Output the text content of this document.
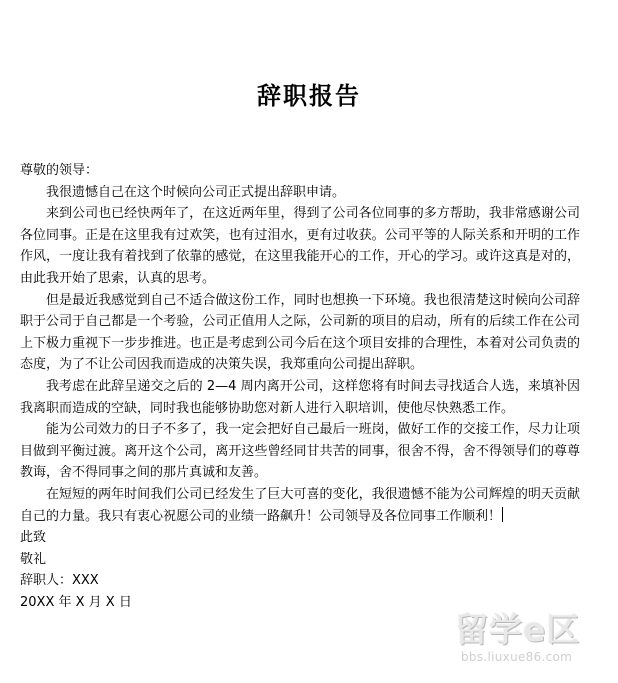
辞职报告

尊敬的领导：

我很遗憾自己在这个时候向公司正式提出辞职申请。

来到公司也已经快两年了，在这近两年里，得到了公司各位同事的多方帮助，我非常感谢公司各位同事。正是在这里我有过欢笑，也有过泪水，更有过收获。公司平等的人际关系和开明的工作作风，一度让我有着找到了依靠的感觉，在这里我能开心的工作，开心的学习。或许这真是对的，由此我开始了思索，认真的思考。

但是最近我感觉到自己不适合做这份工作，同时也想换一下环境。我也很清楚这时候向公司辞职于公司于自己都是一个考验，公司正值用人之际，公司新的项目的启动，所有的后续工作在公司上下极力重视下一步步推进。也正是考虑到公司今后在这个项目安排的合理性，本着对公司负责的态度，为了不让公司因我而造成的决策失误，我郑重向公司提出辞职。

我考虑在此辞呈递交之后的 2—4 周内离开公司，这样您将有时间去寻找适合人选，来填补因我离职而造成的空缺，同时我也能够协助您对新人进行入职培训，使他尽快熟悉工作。

能为公司效力的日子不多了，我一定会把好自己最后一班岗，做好工作的交接工作，尽力让项目做到平衡过渡。离开这个公司，离开这些曾经同甘共苦的同事，很舍不得，舍不得领导们的尊尊教诲，舍不得同事之间的那片真诚和友善。

在短短的两年时间我们公司已经发生了巨大可喜的变化，我很遗憾不能为公司辉煌的明天贡献自己的力量。我只有衷心祝愿公司的业绩一路飙升！公司领导及各位同事工作顺利！

此致

敬礼

辞职人：XXX

20XX 年 X 月 X 日

留学e区
bbs.liuxue86.com
